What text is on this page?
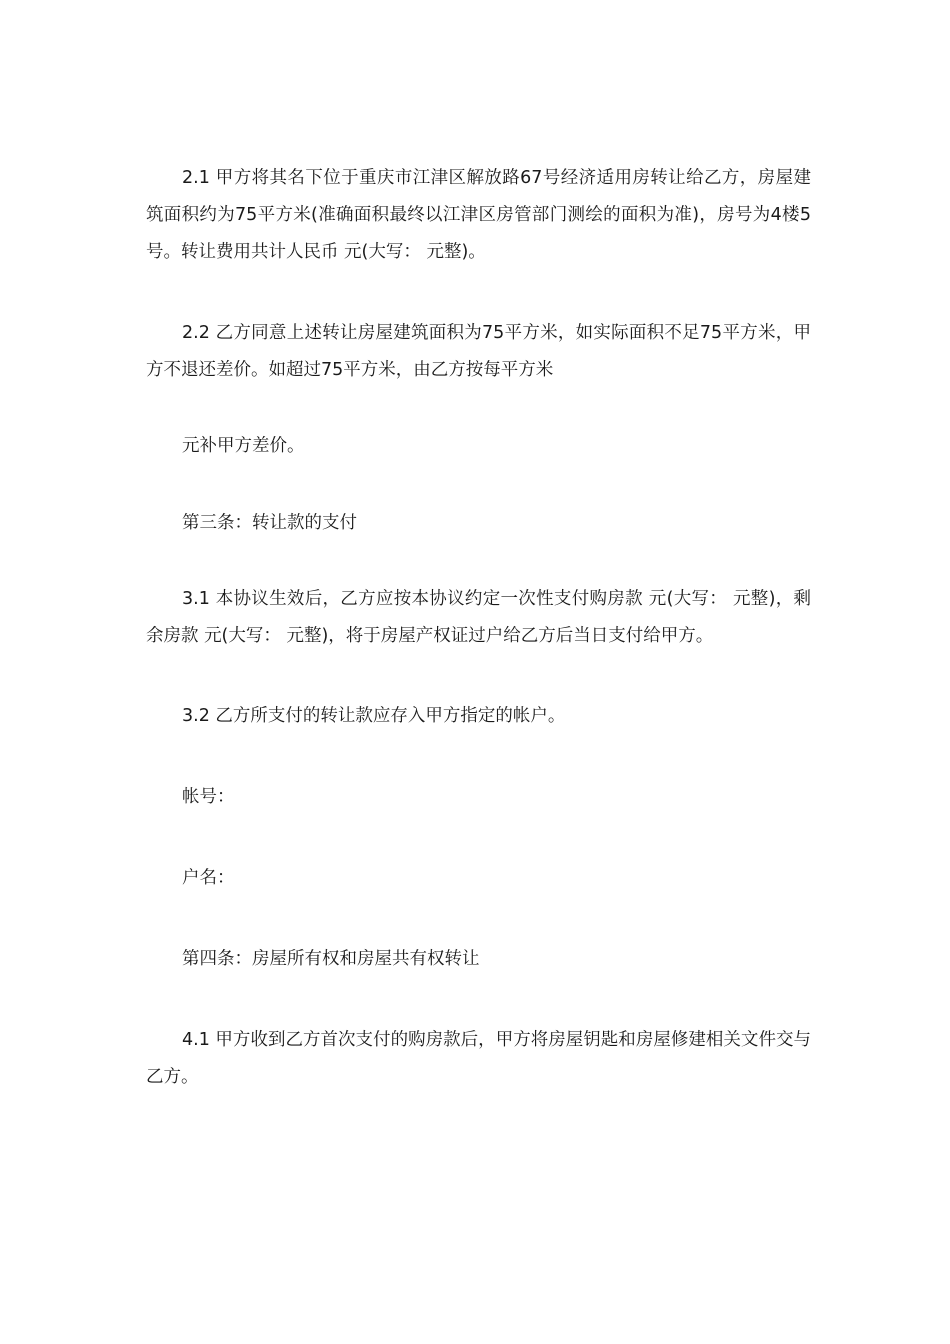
2.1 甲方将其名下位于重庆市江津区解放路67号经济适用房转让给乙方，房屋建筑面积约为75平方米(准确面积最终以江津区房管部门测绘的面积为准)，房号为4楼5号。转让费用共计人民币 元(大写： 元整)。

2.2 乙方同意上述转让房屋建筑面积为75平方米，如实际面积不足75平方米，甲方不退还差价。如超过75平方米，由乙方按每平方米

元补甲方差价。

第三条：转让款的支付

3.1 本协议生效后，乙方应按本协议约定一次性支付购房款 元(大写： 元整)，剩余房款 元(大写： 元整)，将于房屋产权证过户给乙方后当日支付给甲方。

3.2 乙方所支付的转让款应存入甲方指定的帐户。

帐号：

户名：

第四条：房屋所有权和房屋共有权转让

4.1 甲方收到乙方首次支付的购房款后，甲方将房屋钥匙和房屋修建相关文件交与乙方。
